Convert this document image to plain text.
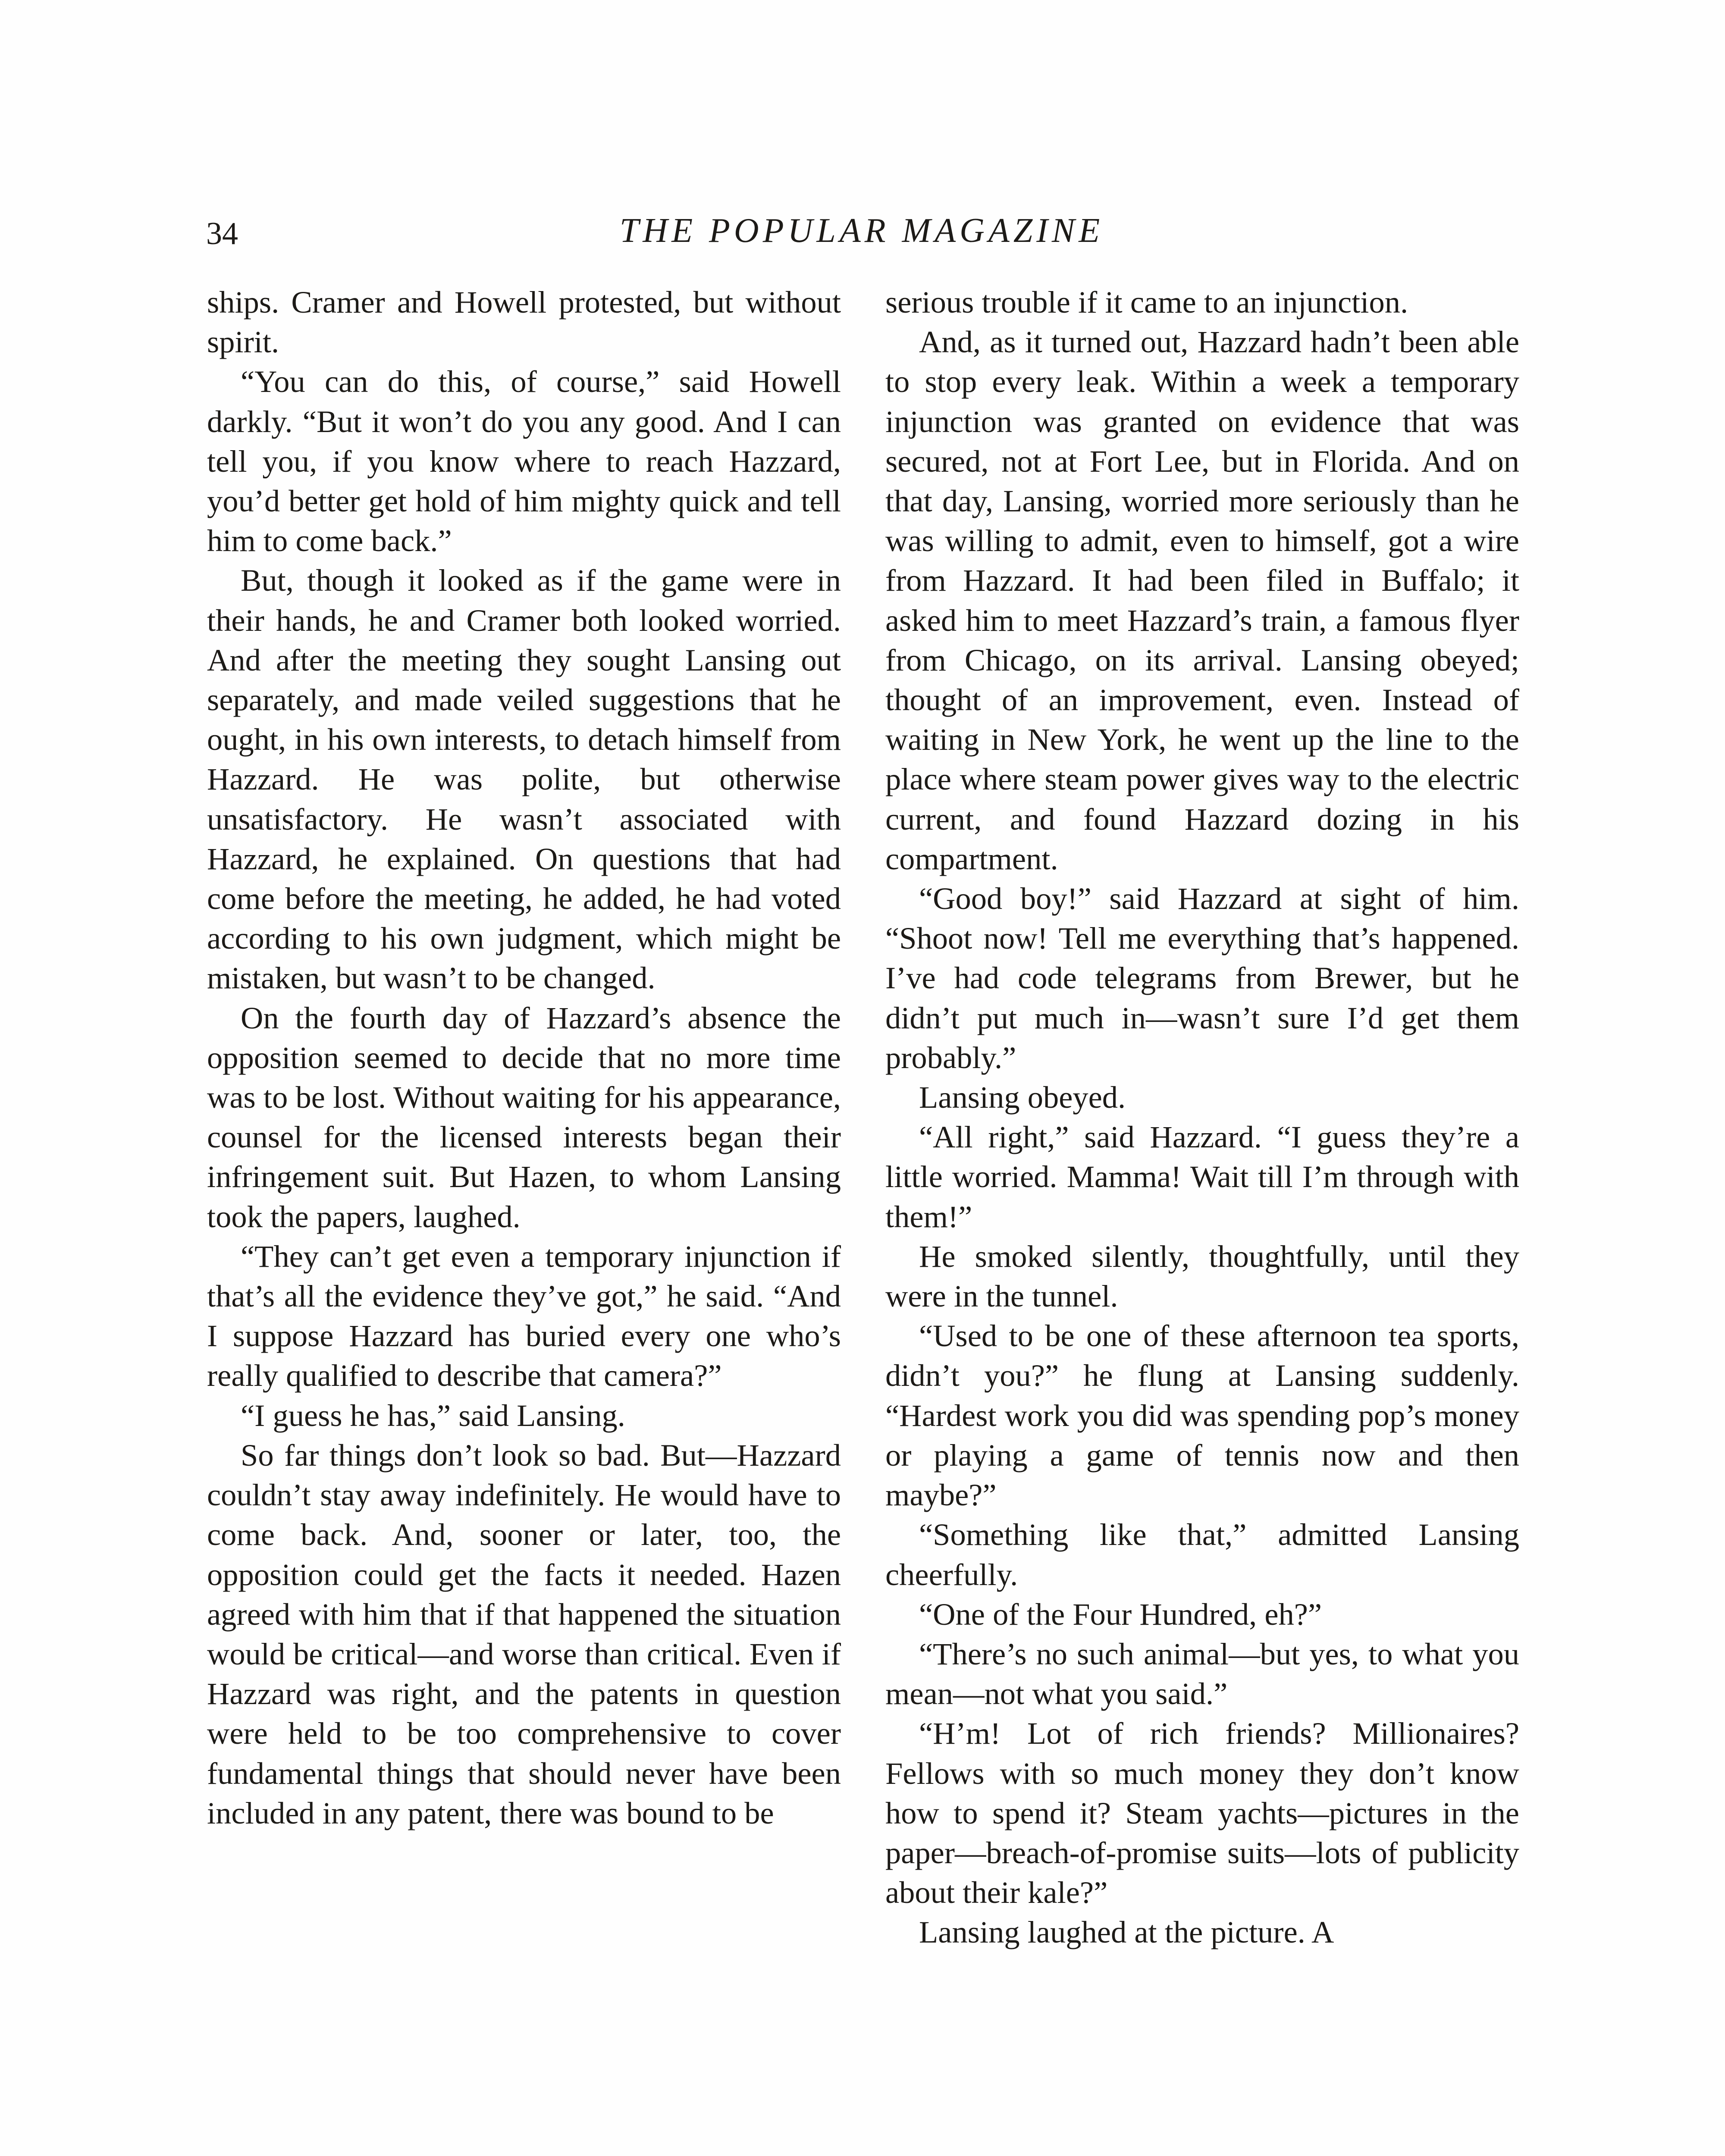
34	THE POPULAR MAGAZINE

ships. Cramer and Howell protested, but without spirit.

“You can do this, of course,” said Howell darkly. “But it won’t do you any good. And I can tell you, if you know where to reach Hazzard, you’d better get hold of him mighty quick and tell him to come back.”

But, though it looked as if the game were in their hands, he and Cramer both looked worried. And after the meeting they sought Lansing out separately, and made veiled suggestions that he ought, in his own interests, to detach himself from Hazzard. He was polite, but otherwise unsatisfactory. He wasn’t associated with Hazzard, he explained. On questions that had come before the meeting, he added, he had voted according to his own judgment, which might be mistaken, but wasn’t to be changed.

On the fourth day of Hazzard’s absence the opposition seemed to decide that no more time was to be lost. Without waiting for his appearance, counsel for the licensed interests began their infringement suit. But Hazen, to whom Lansing took the papers, laughed.

“They can’t get even a temporary injunction if that’s all the evidence they’ve got,” he said. “And I suppose Hazzard has buried every one who’s really qualified to describe that camera?”

“I guess he has,” said Lansing.

So far things don’t look so bad. But—Hazzard couldn’t stay away indefinitely. He would have to come back. And, sooner or later, too, the opposition could get the facts it needed. Hazen agreed with him that if that happened the situation would be critical—and worse than critical. Even if Hazzard was right, and the patents in question were held to be too comprehensive to cover fundamental things that should never have been included in any patent, there was bound to be

serious trouble if it came to an injunction.

And, as it turned out, Hazzard hadn’t been able to stop every leak. Within a week a temporary injunction was granted on evidence that was secured, not at Fort Lee, but in Florida. And on that day, Lansing, worried more seriously than he was willing to admit, even to himself, got a wire from Hazzard. It had been filed in Buffalo; it asked him to meet Hazzard’s train, a famous flyer from Chicago, on its arrival. Lansing obeyed; thought of an improvement, even. Instead of waiting in New York, he went up the line to the place where steam power gives way to the electric current, and found Hazzard dozing in his compartment.

“Good boy!” said Hazzard at sight of him. “Shoot now! Tell me everything that’s happened. I’ve had code telegrams from Brewer, but he didn’t put much in—wasn’t sure I’d get them probably.”

Lansing obeyed.

“All right,” said Hazzard. “I guess they’re a little worried. Mamma! Wait till I’m through with them!”

He smoked silently, thoughtfully, until they were in the tunnel.

“Used to be one of these afternoon tea sports, didn’t you?” he flung at Lansing suddenly. “Hardest work you did was spending pop’s money or playing a game of tennis now and then maybe?”

“Something like that,” admitted Lansing cheerfully.

“One of the Four Hundred, eh?”

“There’s no such animal—but yes, to what you mean—not what you said.”

“H’m! Lot of rich friends? Millionaires? Fellows with so much money they don’t know how to spend it? Steam yachts—pictures in the paper—breach-of-promise suits—lots of publicity about their kale?”

Lansing laughed at the picture. A
